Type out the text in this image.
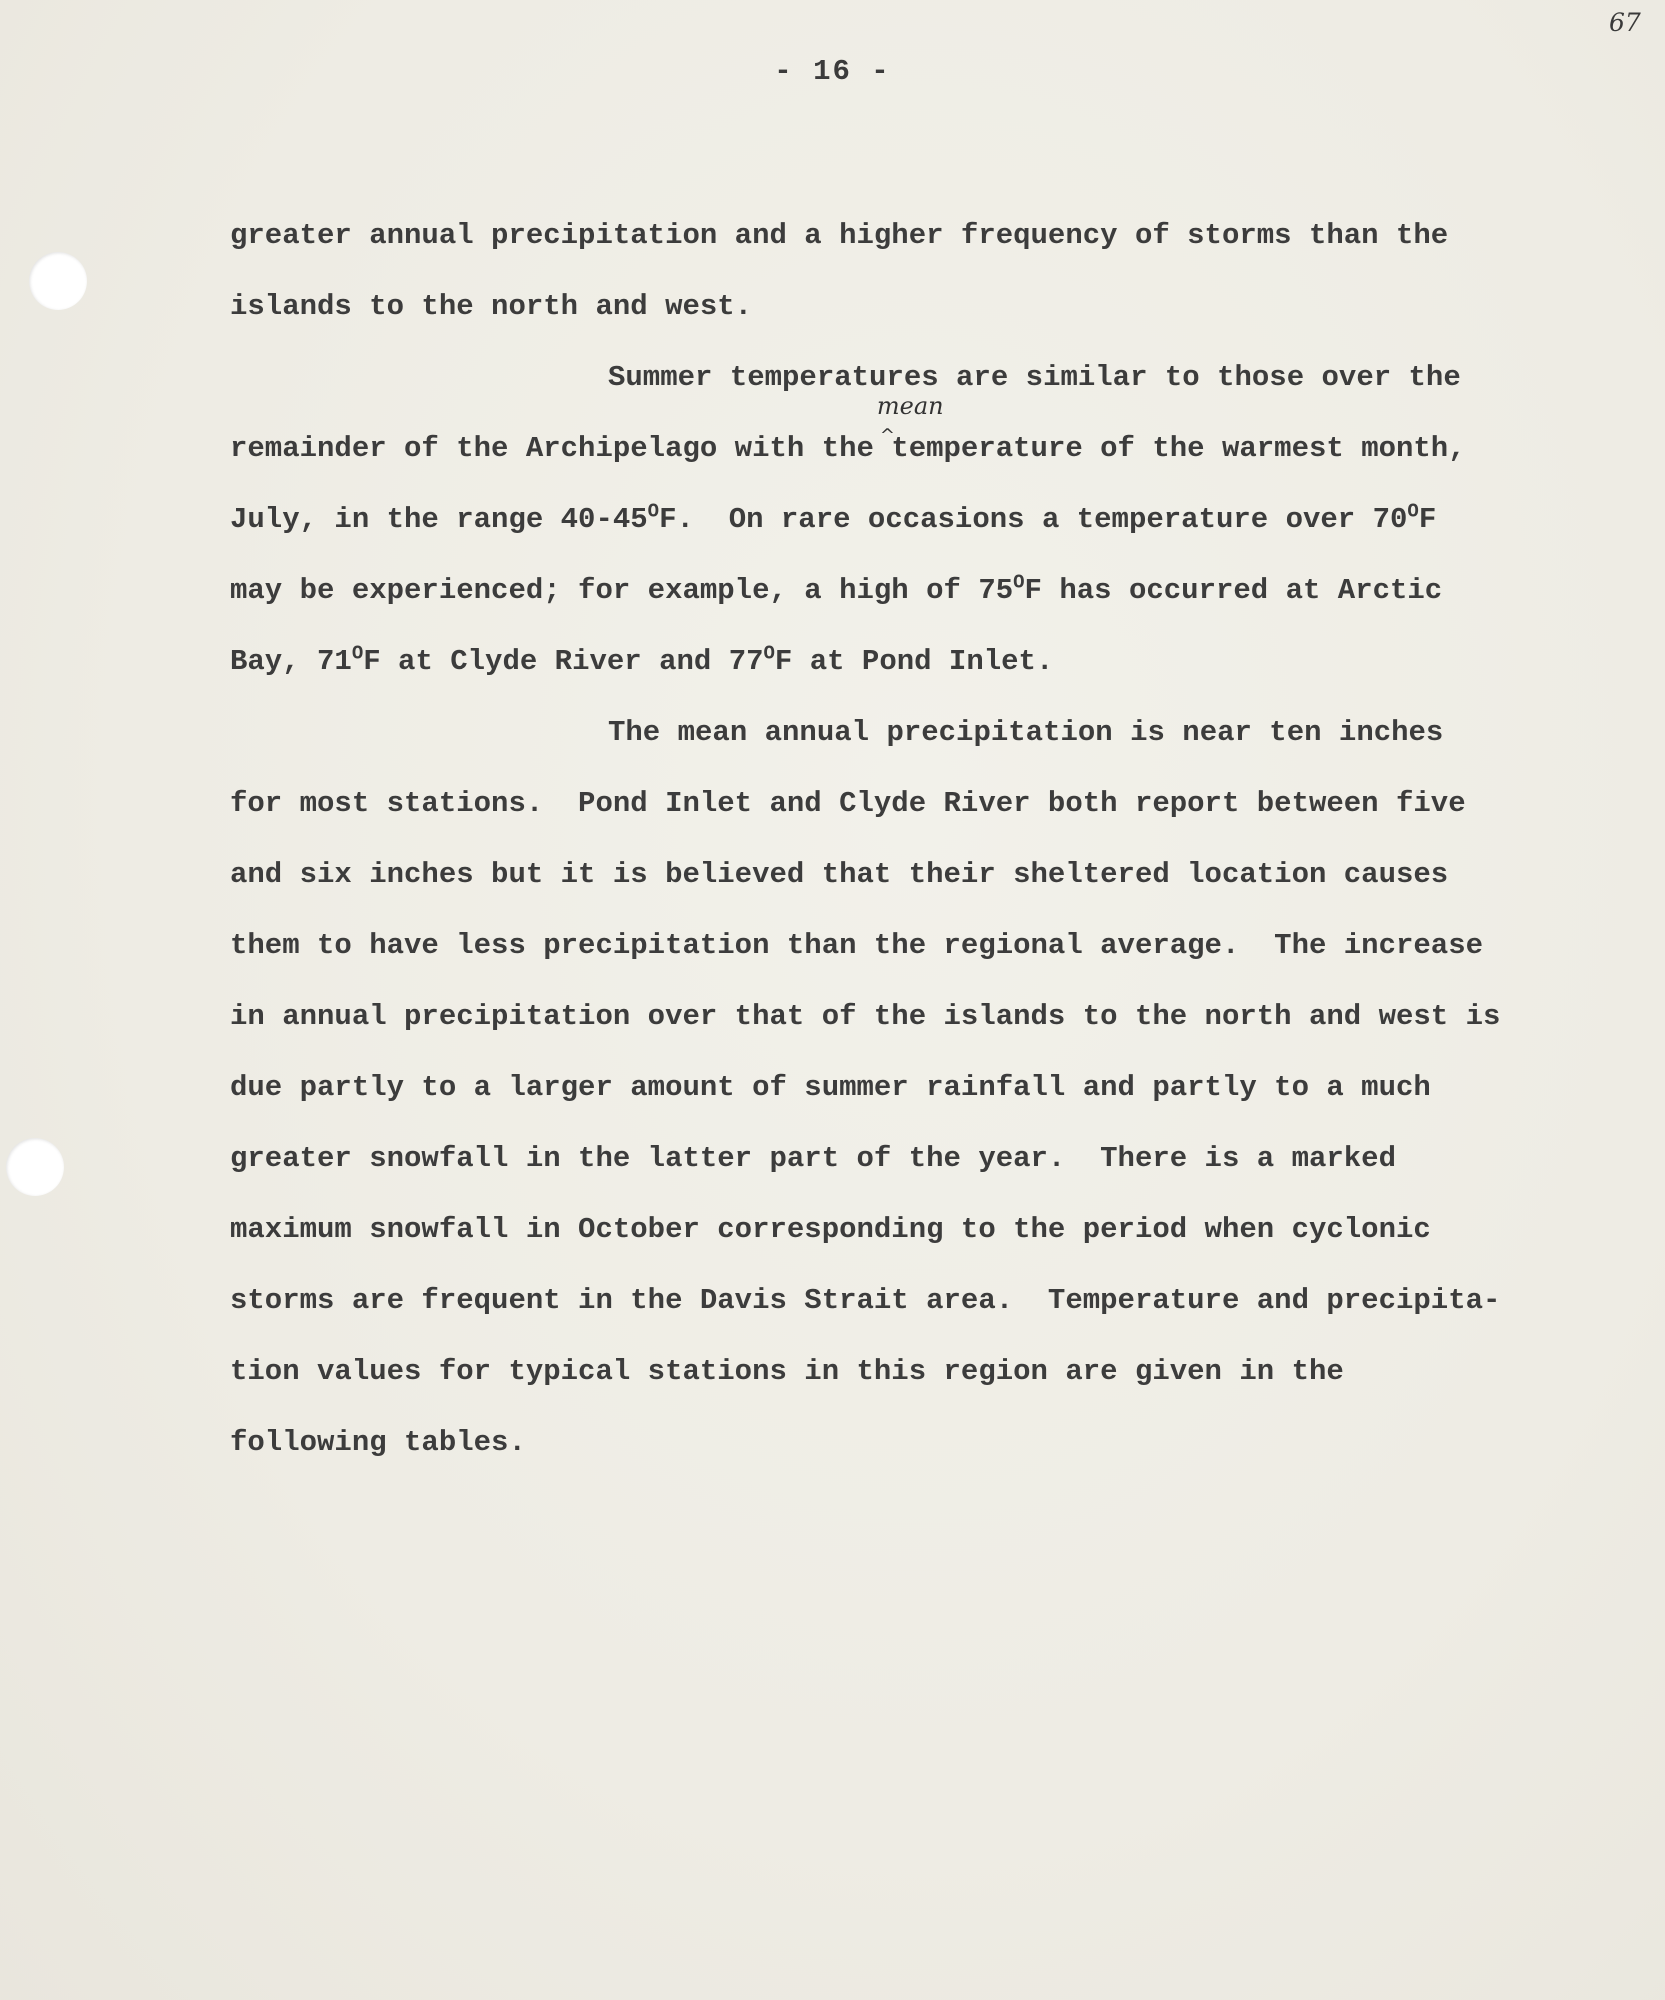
67
- 16 -
greater annual precipitation and a higher frequency of storms than the
islands to the north and west.
Summer temperatures are similar to those over the
remainder of the Archipelago with the
mean
^
temperature of the warmest month,
July, in the range $40-45^OF$.  On rare occasions a temperature over $70^OF$
may be experienced; for example, a high of $75^OF$ has occurred at Arctic
Bay, $71^OF$ at Clyde River and $77^OF$ at Pond Inlet.
The mean annual precipitation is near ten inches
for most stations.  Pond Inlet and Clyde River both report between five
and six inches but it is believed that their sheltered location causes
them to have less precipitation than the regional average.  The increase
in annual precipitation over that of the islands to the north and west is
due partly to a larger amount of summer rainfall and partly to a much
greater snowfall in the latter part of the year.  There is a marked
maximum snowfall in October corresponding to the period when cyclonic
storms are frequent in the Davis Strait area.  Temperature and precipita-
tion values for typical stations in this region are given in the
following tables.
